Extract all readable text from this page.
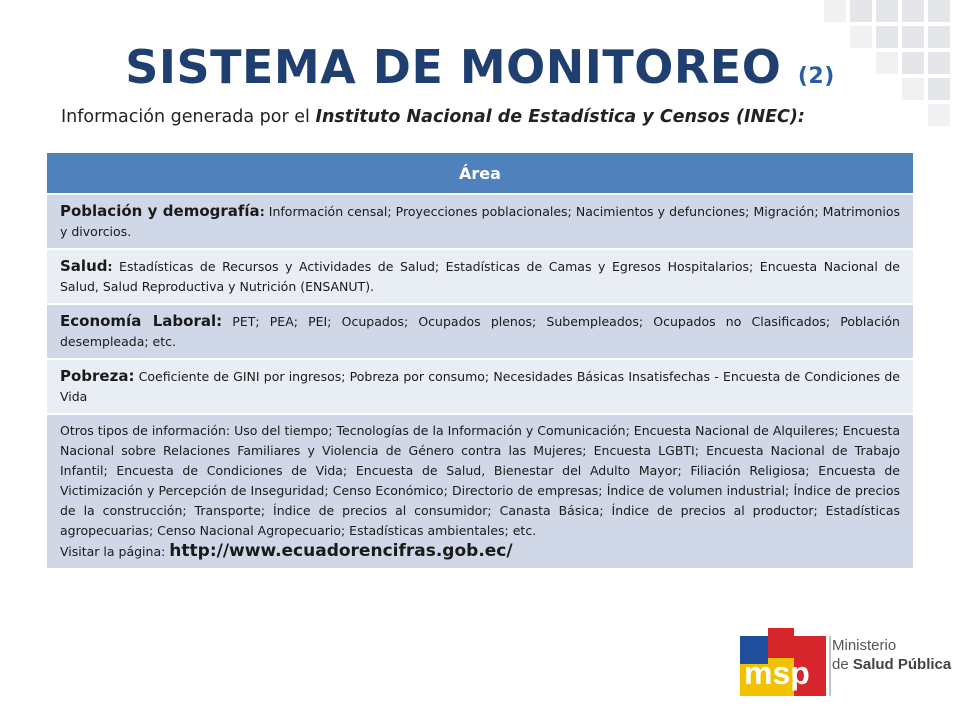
SISTEMA DE MONITOREO (2)
Información generada por el Instituto Nacional de Estadística y Censos (INEC):
Área
Población y demografía: Información censal; Proyecciones poblacionales; Nacimientos y defunciones; Migración; Matrimonios y divorcios.
Salud: Estadísticas de Recursos y Actividades de Salud; Estadísticas de Camas y Egresos Hospitalarios; Encuesta Nacional de Salud, Salud Reproductiva y Nutrición (ENSANUT).
Economía Laboral: PET; PEA; PEI; Ocupados; Ocupados plenos; Subempleados; Ocupados no Clasificados; Población desempleada; etc.
Pobreza: Coeficiente de GINI por ingresos; Pobreza por consumo; Necesidades Básicas Insatisfechas - Encuesta de Condiciones de Vida
Otros tipos de información: Uso del tiempo; Tecnologías de la Información y Comunicación; Encuesta Nacional de Alquileres; Encuesta Nacional sobre Relaciones Familiares y Violencia de Género contra las Mujeres; Encuesta LGBTI; Encuesta Nacional de Trabajo Infantil; Encuesta de Condiciones de Vida; Encuesta de Salud, Bienestar del Adulto Mayor; Filiación Religiosa; Encuesta de Victimización y Percepción de Inseguridad; Censo Económico; Directorio de empresas; Índice de volumen industrial; Índice de precios de la construcción; Transporte; Índice de precios al consumidor; Canasta Básica; Índice de precios al productor; Estadísticas agropecuarias; Censo Nacional Agropecuario; Estadísticas ambientales; etc.
Visitar la página: http://www.ecuadorencifras.gob.ec/
msp
Ministerio
de Salud Pública
